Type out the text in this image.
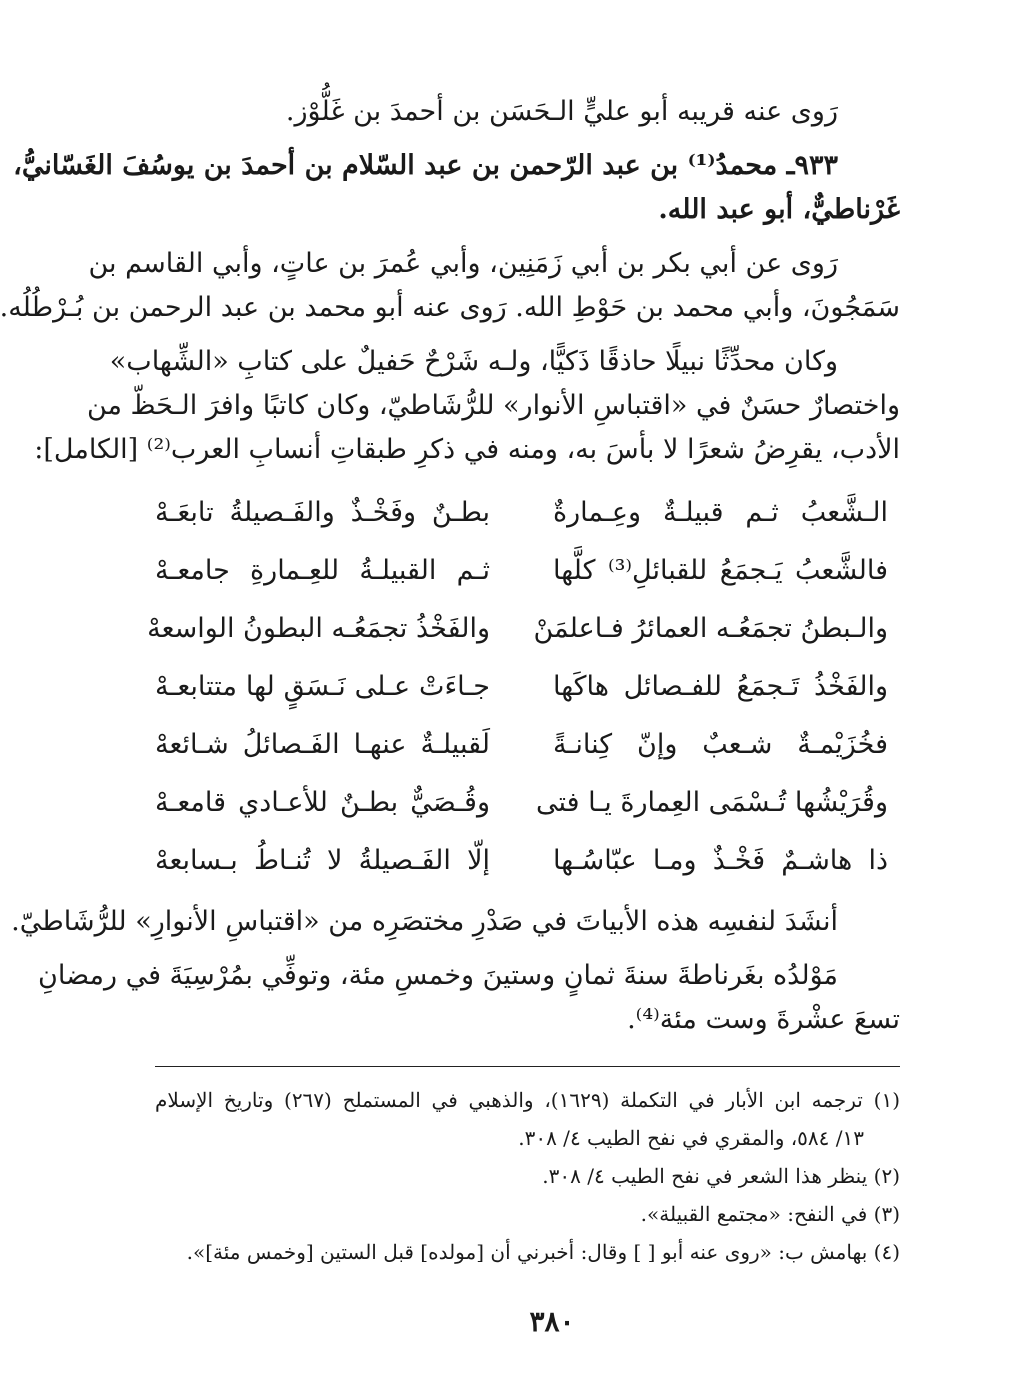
رَوى عنه قريبه أبو عليٍّ الـحَسَن بن أحمدَ بن غَلُّوْز.
٩٣٣ـ محمدُ⁽¹⁾ بن عبد الرّحمن بن عبد السّلام بن أحمدَ بن يوسُفَ الغَسّانيُّ،
غَرْناطيٌّ، أبو عبد الله.
رَوى عن أبي بكر بن أبي زَمَنِين، وأبي عُمرَ بن عاتٍ، وأبي القاسم بن
سَمَجُونَ، وأبي محمد بن حَوْطِ الله. رَوى عنه أبو محمد بن عبد الرحمن بن بُـرْطُلُه.
وكان محدِّثًا نبيلًا حاذقًا ذَكيًّا، ولـه شَرْحٌ حَفيلٌ على كتابِ «الشِّهاب»
واختصارٌ حسَنٌ في «اقتباسِ الأنوار» للرُّشَاطيّ، وكان كاتبًا وافرَ الـحَظّ من
الأدب، يقرِضُ شعرًا لا بأسَ به، ومنه في ذكرِ طبقاتِ أنسابِ العرب⁽²⁾ [الكامل]:
الـشَّعبُ ثـم قبيلـةٌ وعِـمارةٌ
بطـنٌ وفَخْـذٌ والفَـصيلةُ تابعَـهْ
فالشَّعبُ يَـجمَعُ للقبائلِ⁽³⁾ كلَّها
ثـم القبيلـةُ للعِـمارةِ جامعـهْ
والـبطنُ تجمَعُـه العمائرُ فـاعلمَنْ
والفَخْذُ تجمَعُـه البطونُ الواسعهْ
والفَخْذُ تَـجمَعُ للفـصائل هاكَها
جـاءَتْ عـلى نَـسَقٍ لها متتابعـهْ
فخُزَيْمـةٌ شـعبٌ وإنّ كِنانـةً
لَقبيلـةٌ عنهـا الفَـصائلُ شـائعهْ
وقُرَيْشُها تُـسْمَى العِمارةَ يـا فتى
وقُـصَيٌّ بطـنٌ للأعـادي قامعـهْ
ذا هاشـمٌ فَخْـذٌ ومـا عبّاسُـها
إلّا الفَـصيلةُ لا تُنـاطُ بـسابعهْ
أنشَدَ لنفسِه هذه الأبياتَ في صَدْرِ مختصَرِه من «اقتباسِ الأنوارِ» للرُّشَاطيّ.
مَوْلدُه بغَرناطةَ سنةَ ثمانٍ وستينَ وخمسِ مئة، وتوفِّي بمُرْسِيَةَ في رمضانِ
تسعَ عشْرةَ وست مئة⁽⁴⁾.
(١) ترجمه ابن الأبار في التكملة (١٦٢٩)، والذهبي في المستملح (٢٦٧) وتاريخ الإسلام
١٣/ ٥٨٤، والمقري في نفح الطيب ٤/ ٣٠٨.
(٢) ينظر هذا الشعر في نفح الطيب ٤/ ٣٠٨.
(٣) في النفح: «مجتمع القبيلة».
(٤) بهامش ب: «روى عنه أبو [ ] وقال: أخبرني أن [مولده] قبل الستين [وخمس مئة]».
٣٨٠
